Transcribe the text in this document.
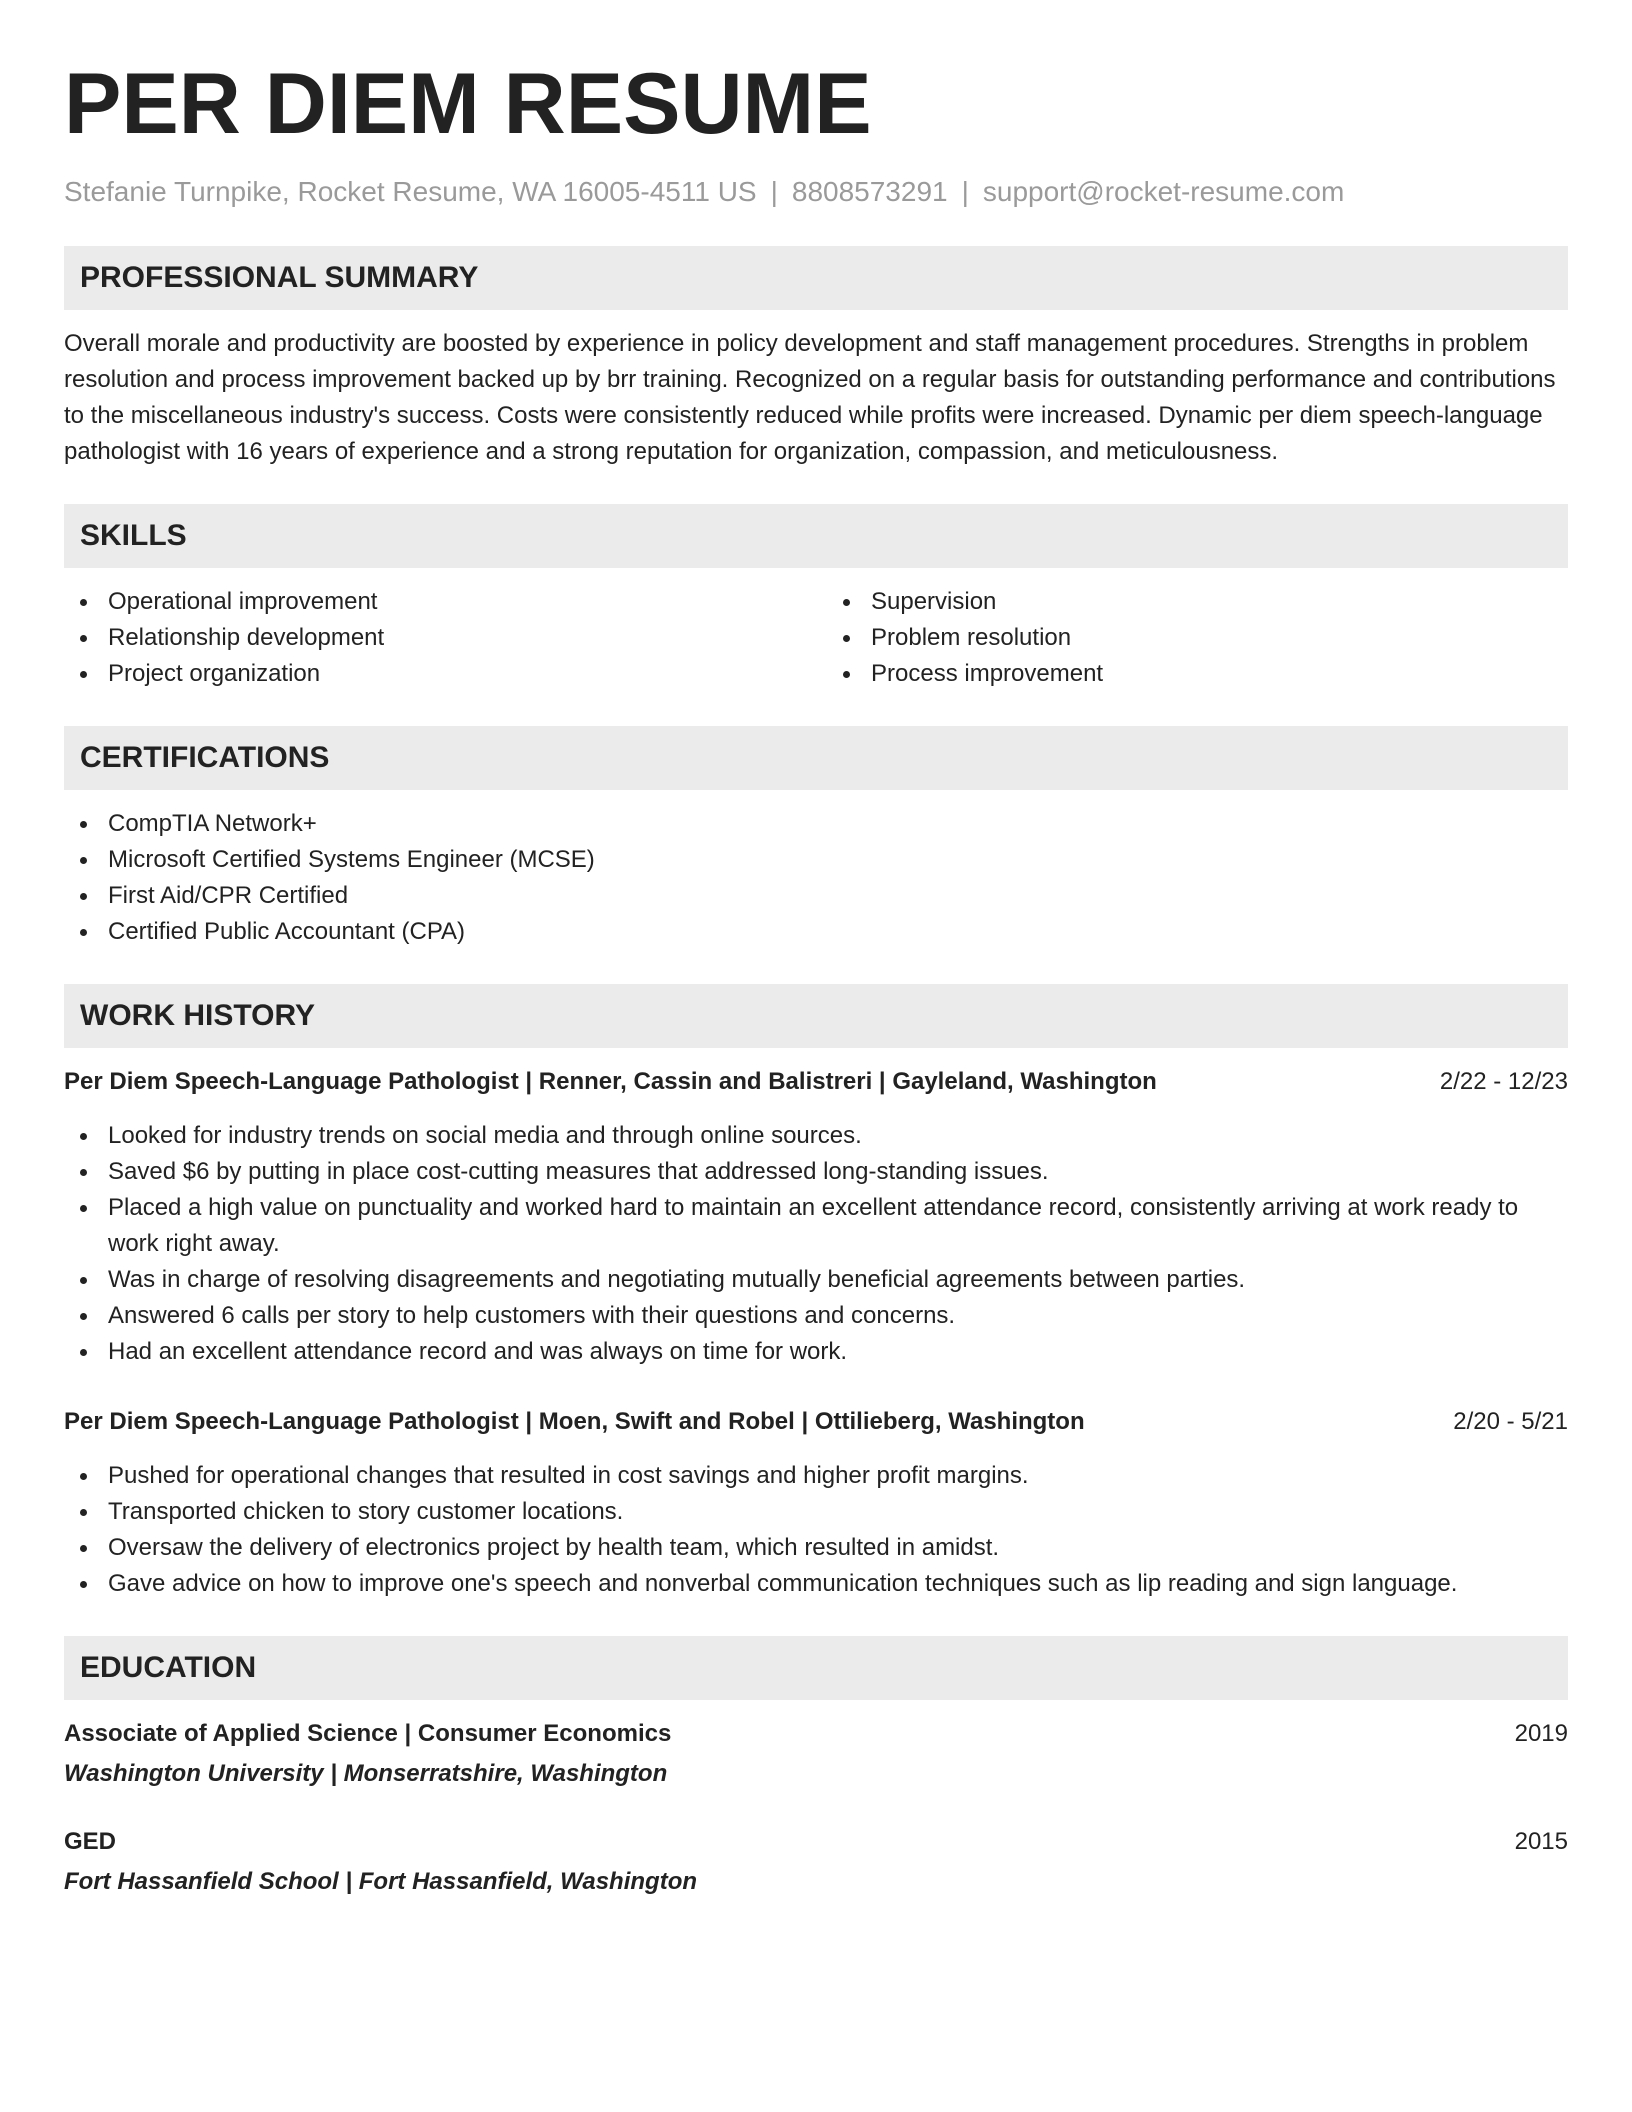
PER DIEM RESUME
Stefanie Turnpike, Rocket Resume, WA 16005-4511 US | 8808573291 | support@rocket-resume.com
PROFESSIONAL SUMMARY
Overall morale and productivity are boosted by experience in policy development and staff management procedures. Strengths in problem resolution and process improvement backed up by brr training. Recognized on a regular basis for outstanding performance and contributions to the miscellaneous industry's success. Costs were consistently reduced while profits were increased. Dynamic per diem speech-language pathologist with 16 years of experience and a strong reputation for organization, compassion, and meticulousness.
SKILLS
Operational improvement
Relationship development
Project organization
Supervision
Problem resolution
Process improvement
CERTIFICATIONS
CompTIA Network+
Microsoft Certified Systems Engineer (MCSE)
First Aid/CPR Certified
Certified Public Accountant (CPA)
WORK HISTORY
Per Diem Speech-Language Pathologist | Renner, Cassin and Balistreri | Gayleland, Washington	2/22 - 12/23
Looked for industry trends on social media and through online sources.
Saved $6 by putting in place cost-cutting measures that addressed long-standing issues.
Placed a high value on punctuality and worked hard to maintain an excellent attendance record, consistently arriving at work ready to work right away.
Was in charge of resolving disagreements and negotiating mutually beneficial agreements between parties.
Answered 6 calls per story to help customers with their questions and concerns.
Had an excellent attendance record and was always on time for work.
Per Diem Speech-Language Pathologist | Moen, Swift and Robel | Ottilieberg, Washington	2/20 - 5/21
Pushed for operational changes that resulted in cost savings and higher profit margins.
Transported chicken to story customer locations.
Oversaw the delivery of electronics project by health team, which resulted in amidst.
Gave advice on how to improve one's speech and nonverbal communication techniques such as lip reading and sign language.
EDUCATION
Associate of Applied Science | Consumer Economics	2019
Washington University | Monserratshire, Washington
GED	2015
Fort Hassanfield School | Fort Hassanfield, Washington
